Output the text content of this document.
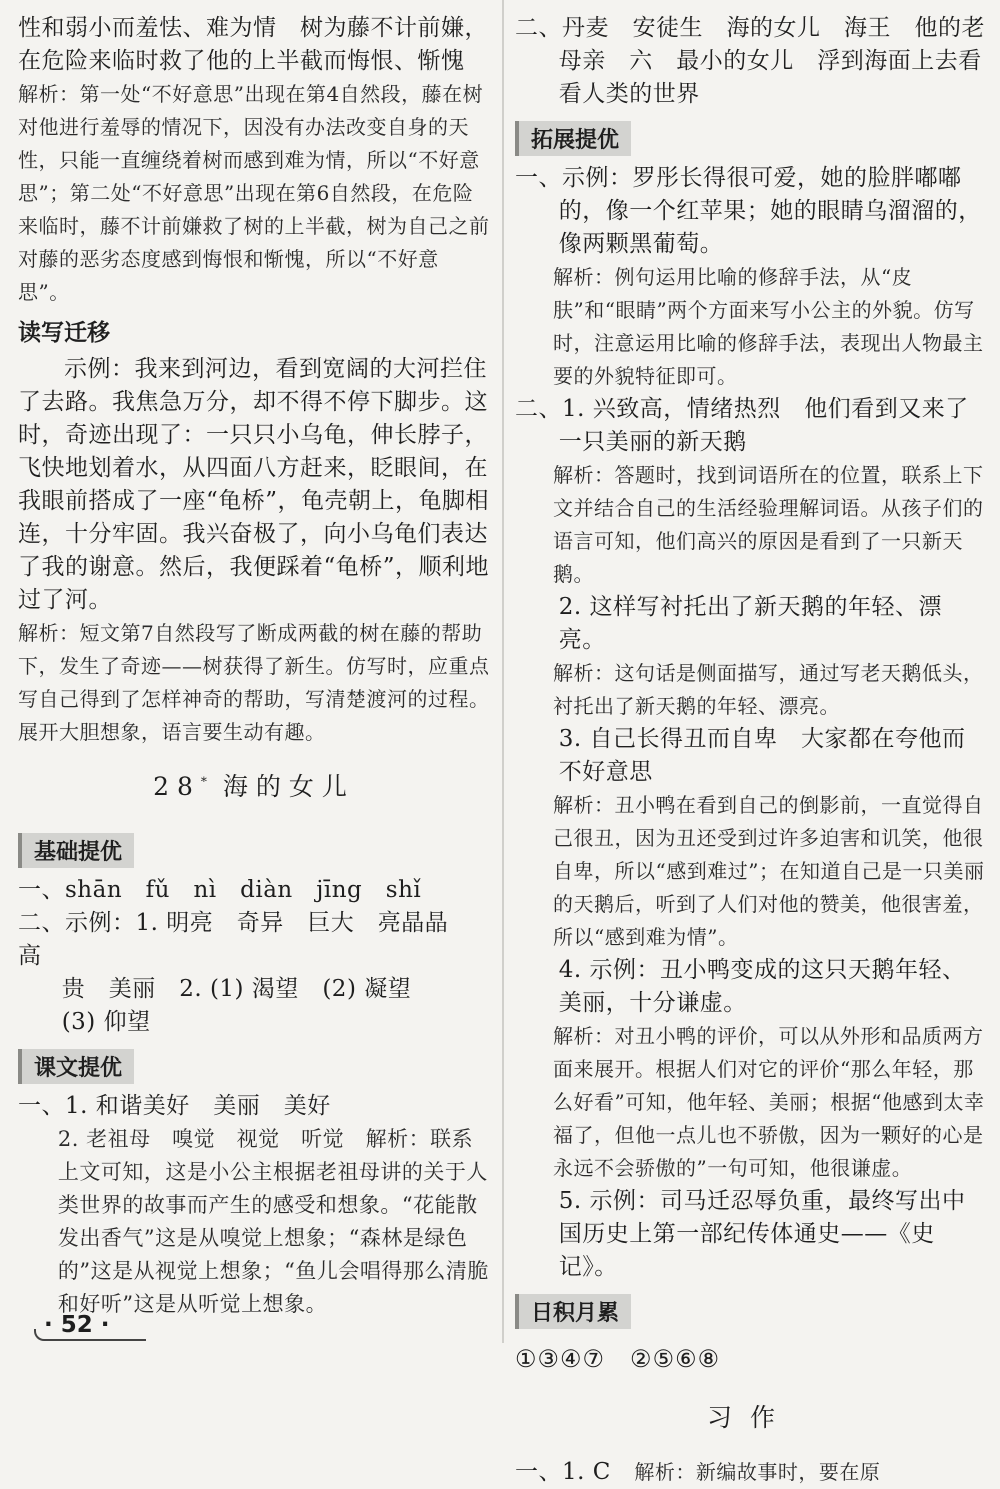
性和弱小而羞怯、难为情　树为藤不计前嫌，

在危险来临时救了他的上半截而悔恨、惭愧

解析：第一处“不好意思”出现在第4自然段，藤在树对他进行羞辱的情况下，因没有办法改变自身的天性，只能一直缠绕着树而感到难为情，所以“不好意思”；第二处“不好意思”出现在第6自然段，在危险来临时，藤不计前嫌救了树的上半截，树为自己之前对藤的恶劣态度感到悔恨和惭愧，所以“不好意思”。

读写迁移

示例：我来到河边，看到宽阔的大河拦住了去路。我焦急万分，却不得不停下脚步。这时，奇迹出现了：一只只小乌龟，伸长脖子，飞快地划着水，从四面八方赶来，眨眼间，在我眼前搭成了一座“龟桥”，龟壳朝上，龟脚相连，十分牢固。我兴奋极了，向小乌龟们表达了我的谢意。然后，我便踩着“龟桥”，顺利地过了河。

解析：短文第7自然段写了断成两截的树在藤的帮助下，发生了奇迹——树获得了新生。仿写时，应重点写自己得到了怎样神奇的帮助，写清楚渡河的过程。展开大胆想象，语言要生动有趣。

28* 海的女儿
基础提优

一、shān　fǔ　nì　diàn　jīng　shǐ

二、示例：1. 明亮　奇异　巨大　亮晶晶　高

贵　美丽　2. (1) 渴望　(2) 凝望

(3) 仰望

课文提优

一、1. 和谐美好　美丽　美好

2. 老祖母　嗅觉　视觉　听觉　解析：联系上文可知，这是小公主根据老祖母讲的关于人类世界的故事而产生的感受和想象。“花能散发出香气”这是从嗅觉上想象；“森林是绿色的”这是从视觉上想象；“鱼儿会唱得那么清脆和好听”这是从听觉上想象。

二、丹麦　安徒生　海的女儿　海王　他的老

母亲　六　最小的女儿　浮到海面上去看

看人类的世界

拓展提优

一、示例：罗彤长得很可爱，她的脸胖嘟嘟的，像一个红苹果；她的眼睛乌溜溜的，像两颗黑葡萄。

解析：例句运用比喻的修辞手法，从“皮肤”和“眼睛”两个方面来写小公主的外貌。仿写时，注意运用比喻的修辞手法，表现出人物最主要的外貌特征即可。

二、1. 兴致高，情绪热烈　他们看到又来了一只美丽的新天鹅

解析：答题时，找到词语所在的位置，联系上下文并结合自己的生活经验理解词语。从孩子们的语言可知，他们高兴的原因是看到了一只新天鹅。

2. 这样写衬托出了新天鹅的年轻、漂亮。

解析：这句话是侧面描写，通过写老天鹅低头，衬托出了新天鹅的年轻、漂亮。

3. 自己长得丑而自卑　大家都在夸他而不好意思

解析：丑小鸭在看到自己的倒影前，一直觉得自己很丑，因为丑还受到过许多迫害和讥笑，他很自卑，所以“感到难过”；在知道自己是一只美丽的天鹅后，听到了人们对他的赞美，他很害羞，所以“感到难为情”。

4. 示例：丑小鸭变成的这只天鹅年轻、美丽，十分谦虚。

解析：对丑小鸭的评价，可以从外形和品质两方面来展开。根据人们对它的评价“那么年轻，那么好看”可知，他年轻、美丽；根据“他感到太幸福了，但他一点儿也不骄傲，因为一颗好的心是永远不会骄傲的”一句可知，他很谦虚。

5. 示例：司马迁忍辱负重，最终写出中国历史上第一部纪传体通史——《史记》。

日积月累

①③④⑦　②⑤⑥⑧

习作

一、1. C　 解析：新编故事时，要在原

· 52 ·
